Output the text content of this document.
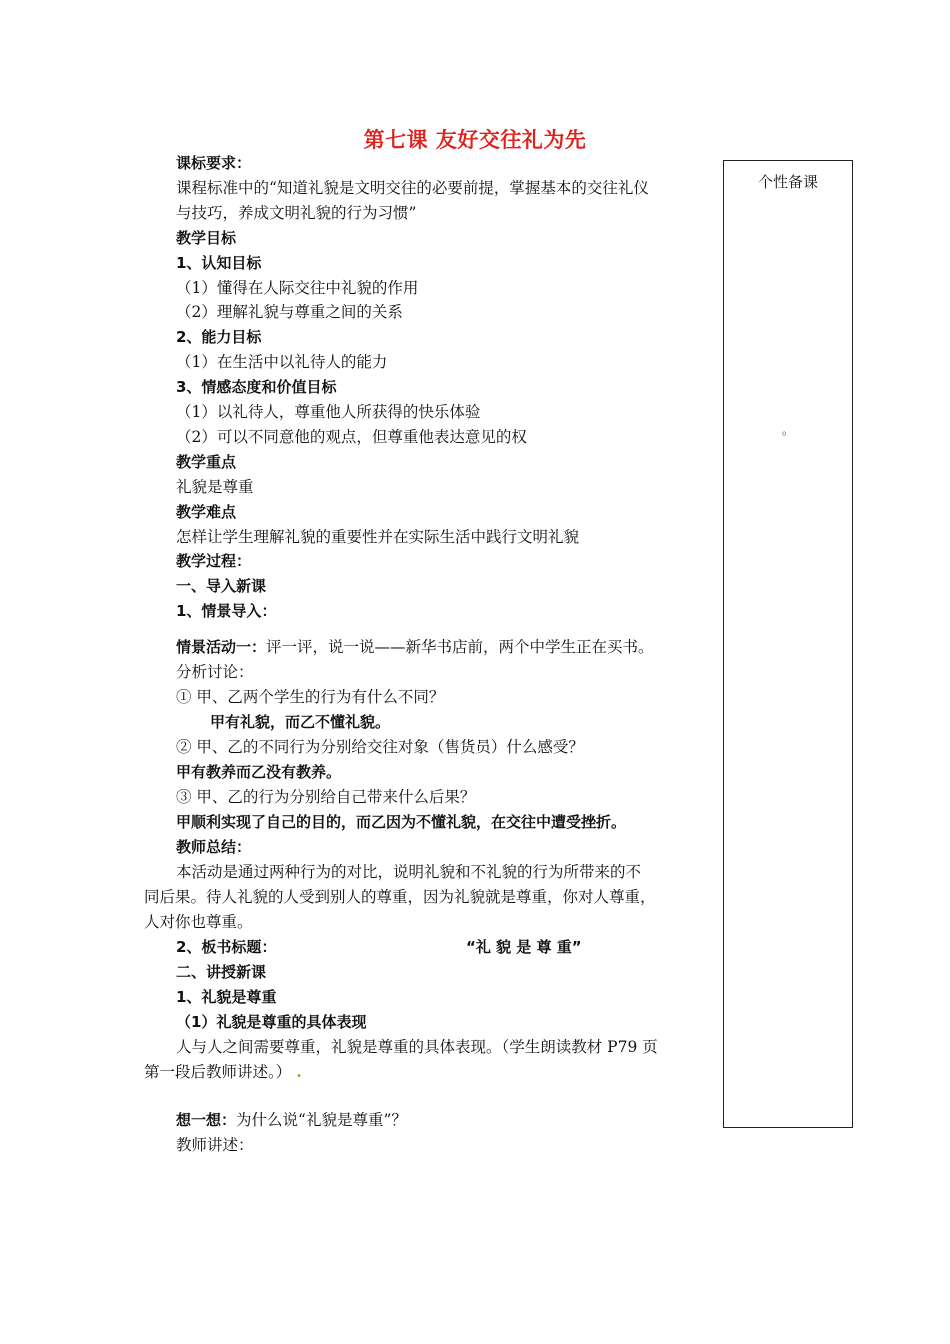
第七课 友好交往礼为先
个性备课
。
课标要求：
课程标准中的“知道礼貌是文明交往的必要前提，掌握基本的交往礼仪
与技巧，养成文明礼貌的行为习惯”
教学目标
1、认知目标
（1）懂得在人际交往中礼貌的作用
（2）理解礼貌与尊重之间的关系
2、能力目标
（1）在生活中以礼待人的能力
3、情感态度和价值目标
（1）以礼待人，尊重他人所获得的快乐体验
（2）可以不同意他的观点，但尊重他表达意见的权
教学重点
礼貌是尊重
教学难点
怎样让学生理解礼貌的重要性并在实际生活中践行文明礼貌
教学过程：
一、导入新课
1、情景导入：
情景活动一：评一评，说一说——新华书店前，两个中学生正在买书。
分析讨论：
① 甲、乙两个学生的行为有什么不同？
甲有礼貌，而乙不懂礼貌。
② 甲、乙的不同行为分别给交往对象（售货员）什么感受？
甲有教养而乙没有教养。
③ 甲、乙的行为分别给自己带来什么后果？
甲顺利实现了自己的目的，而乙因为不懂礼貌，在交往中遭受挫折。
教师总结：
本活动是通过两种行为的对比，说明礼貌和不礼貌的行为所带来的不
同后果。待人礼貌的人受到别人的尊重，因为礼貌就是尊重，你对人尊重，
人对你也尊重。
2、板书标题：	“礼 貌 是 尊 重”
二、讲授新课
1、礼貌是尊重
（1）礼貌是尊重的具体表现
人与人之间需要尊重，礼貌是尊重的具体表现。（学生朗读教材 P79 页
第一段后教师讲述。） .
想一想：为什么说“礼貌是尊重”？
教师讲述：
